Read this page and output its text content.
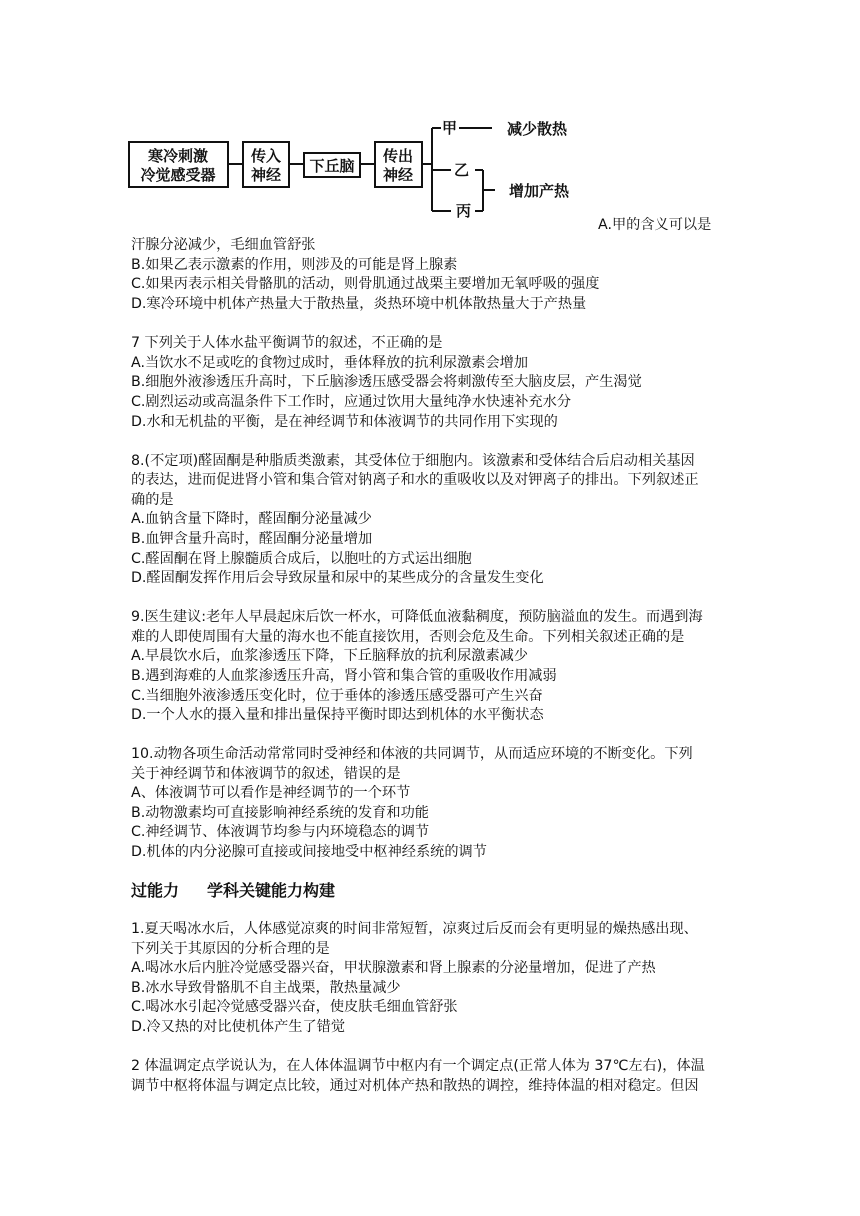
寒冷刺激
冷觉感受器
传入
神经 下丘脑
传出
神经
甲	减少散热
乙
丙
增加产热
A.甲的含义可以是
汗腺分泌减少，毛细血管舒张
B.如果乙表示激素的作用，则涉及的可能是肾上腺素
C.如果丙表示相关骨骼肌的活动，则骨肌通过战栗主要增加无氧呼吸的强度
D.寒冷环境中机体产热量大于散热量，炎热环境中机体散热量大于产热量
7 下列关于人体水盐平衡调节的叙述，不正确的是
A.当饮水不足或吃的食物过成时，垂体释放的抗利尿激素会增加
B.细胞外液渗透压升高时，下丘脑渗透压感受器会将刺激传至大脑皮层，产生渴觉
C.剧烈运动或高温条件下工作时，应通过饮用大量纯净水快速补充水分
D.水和无机盐的平衡，是在神经调节和体液调节的共同作用下实现的
8.(不定项)醛固酮是种脂质类激素，其受体位于细胞内。该激素和受体结合后启动相关基因
的表达，进而促进肾小管和集合管对钠离子和水的重吸收以及对钾离子的排出。下列叙述正
确的是
A.血钠含量下降时，醛固酮分泌量减少
B.血钾含量升高时，醛固酮分泌量增加
C.醛固酮在肾上腺髓质合成后，以胞吐的方式运出细胞
D.醛固酮发挥作用后会导致尿量和尿中的某些成分的含量发生变化
9.医生建议:老年人早晨起床后饮一杯水，可降低血液黏稠度，预防脑溢血的发生。而遇到海
难的人即使周围有大量的海水也不能直接饮用，否则会危及生命。下列相关叙述正确的是
A.早晨饮水后，血浆渗透压下降，下丘脑释放的抗利尿激素减少
B.遇到海难的人血浆渗透压升高，肾小管和集合管的重吸收作用减弱
C.当细胞外液渗透压变化时，位于垂体的渗透压感受器可产生兴奋
D.一个人水的摄入量和排出量保持平衡时即达到机体的水平衡状态
10.动物各项生命活动常常同时受神经和体液的共同调节，从而适应环境的不断变化。下列
关于神经调节和体液调节的叙述，错误的是
A、体液调节可以看作是神经调节的一个环节
B.动物激素均可直接影响神经系统的发育和功能
C.神经调节、体液调节均参与内环境稳态的调节
D.机体的内分泌腺可直接或间接地受中枢神经系统的调节
过能力 学科关键能力构建
1.夏天喝冰水后，人体感觉凉爽的时间非常短暂，凉爽过后反而会有更明显的燥热感出现、
下列关于其原因的分析合理的是
A.喝冰水后内脏冷觉感受器兴奋，甲状腺激素和肾上腺素的分泌量增加，促进了产热
B.冰水导致骨骼肌不自主战栗，散热量减少
C.喝冰水引起冷觉感受器兴奋，使皮肤毛细血管舒张
D.冷又热的对比使机体产生了错觉
2 体温调定点学说认为，在人体体温调节中枢内有一个调定点(正常人体为 37℃左右)，体温
调节中枢将体温与调定点比较，通过对机体产热和散热的调控，维持体温的相对稳定。但因
